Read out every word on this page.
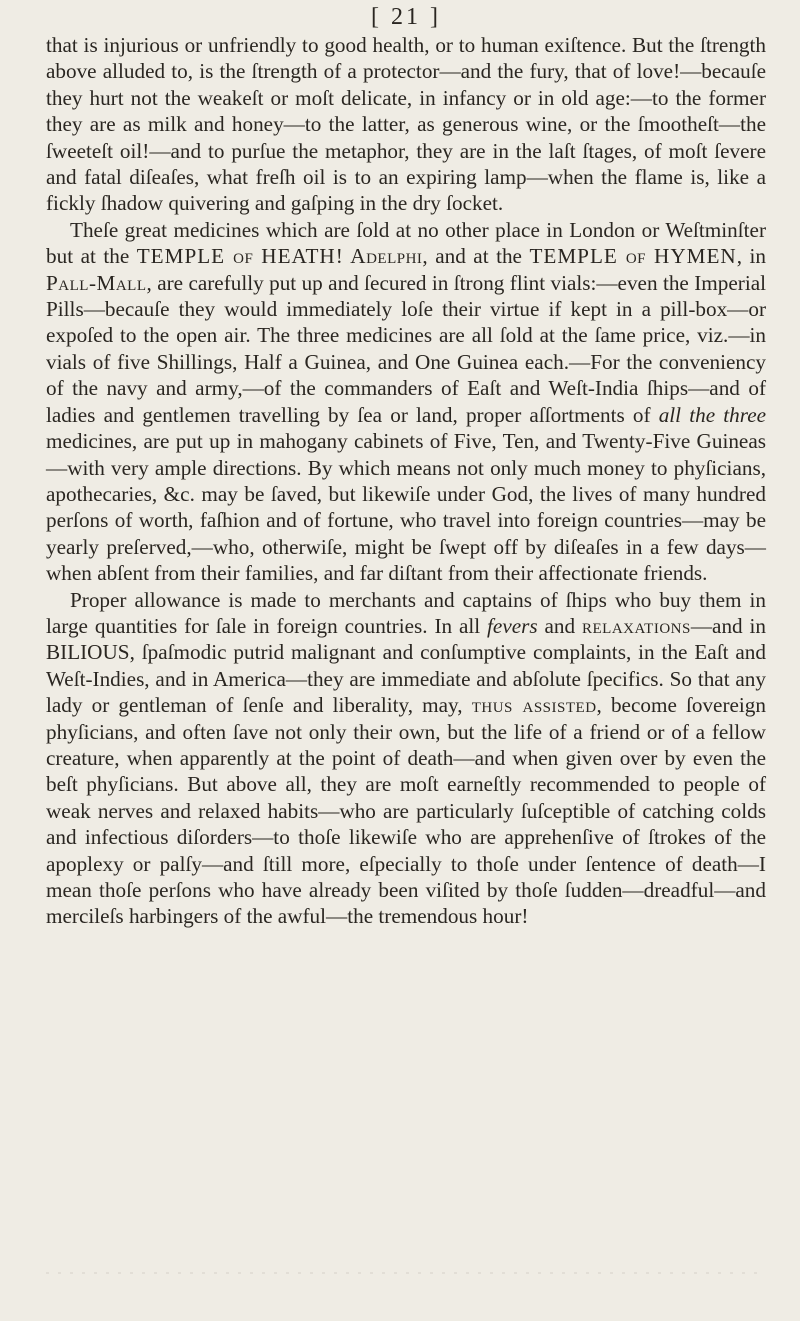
[ 21 ]

that is injurious or unfriendly to good health, or to human exiſtence. But the ſtrength above alluded to, is the ſtrength of a protector—and the fury, that of love!—becauſe they hurt not the weakeſt or moſt delicate, in infancy or in old age:—to the former they are as milk and honey—to the latter, as generous wine, or the ſmootheſt—the ſweeteſt oil!—and to purſue the metaphor, they are in the laſt ſtages, of moſt ſevere and fatal diſeaſes, what freſh oil is to an expiring lamp—when the flame is, like a fickly ſhadow quivering and gaſping in the dry ſocket.

Theſe great medicines which are ſold at no other place in London or Weſtminſter but at the TEMPLE of HEATH! Adelphi, and at the TEMPLE of HYMEN, in Pall-Mall, are carefully put up and ſecured in ſtrong flint vials:—even the Imperial Pills—becauſe they would immediately loſe their virtue if kept in a pill-box—or expoſed to the open air. The three medicines are all ſold at the ſame price, viz.—in vials of five Shillings, Half a Guinea, and One Guinea each.—For the conveniency of the navy and army,—of the commanders of Eaſt and Weſt-India ſhips—and of ladies and gentlemen travelling by ſea or land, proper aſſortments of all the three medicines, are put up in mahogany cabinets of Five, Ten, and Twenty-Five Guineas—with very ample directions. By which means not only much money to phyſicians, apothecaries, &c. may be ſaved, but likewiſe under God, the lives of many hundred perſons of worth, faſhion and of fortune, who travel into foreign countries—may be yearly preſerved,—who, otherwiſe, might be ſwept off by diſeaſes in a few days—when abſent from their families, and far diſtant from their affectionate friends.

Proper allowance is made to merchants and captains of ſhips who buy them in large quantities for ſale in foreign countries. In all fevers and relaxations—and in BILIOUS, ſpaſmodic putrid malignant and conſumptive complaints, in the Eaſt and Weſt-Indies, and in America—they are immediate and abſolute ſpecifics. So that any lady or gentleman of ſenſe and liberality, may, thus assisted, become ſovereign phyſicians, and often ſave not only their own, but the life of a friend or of a fellow creature, when apparently at the point of death—and when given over by even the beſt phyſicians. But above all, they are moſt earneſtly recommended to people of weak nerves and relaxed habits—who are particularly ſuſceptible of catching colds and infectious diſorders—to thoſe likewiſe who are apprehenſive of ſtrokes of the apoplexy or palſy—and ſtill more, eſpecially to thoſe under ſentence of death—I mean thoſe perſons who have already been viſited by thoſe ſudden—dreadful—and mercileſs harbingers of the awful—the tremendous hour!
